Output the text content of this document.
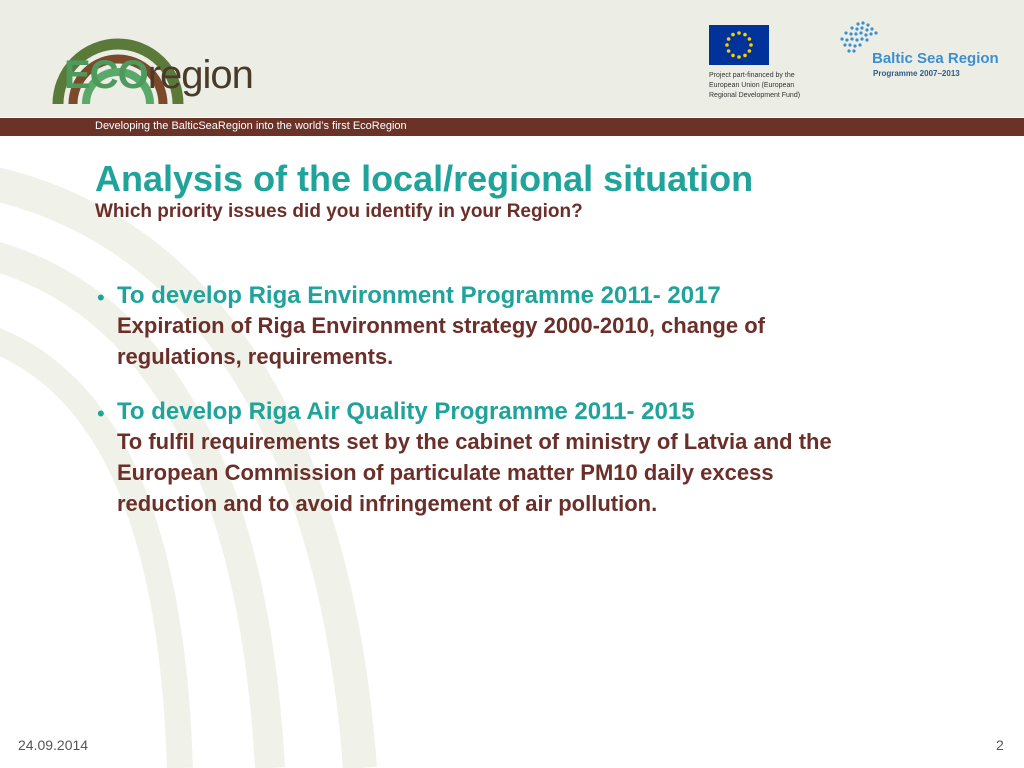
ECOregion	Project part-financed by the
European Union (European
Regional Development Fund)
Baltic Sea Region
Programme 2007–2013
Developing the BalticSeaRegion into the world’s first EcoRegion
Analysis of the local/regional situation
Which priority issues did you identify in your Region?
• To develop Riga Environment Programme 2011- 2017
Expiration of Riga Environment strategy 2000-2010, change of
regulations, requirements.
• To develop Riga Air Quality Programme 2011- 2015
To fulfil requirements set by the cabinet of ministry of Latvia and the
European Commission of particulate matter PM10 daily excess
reduction and to avoid infringement of air pollution.
24.09.2014	2
